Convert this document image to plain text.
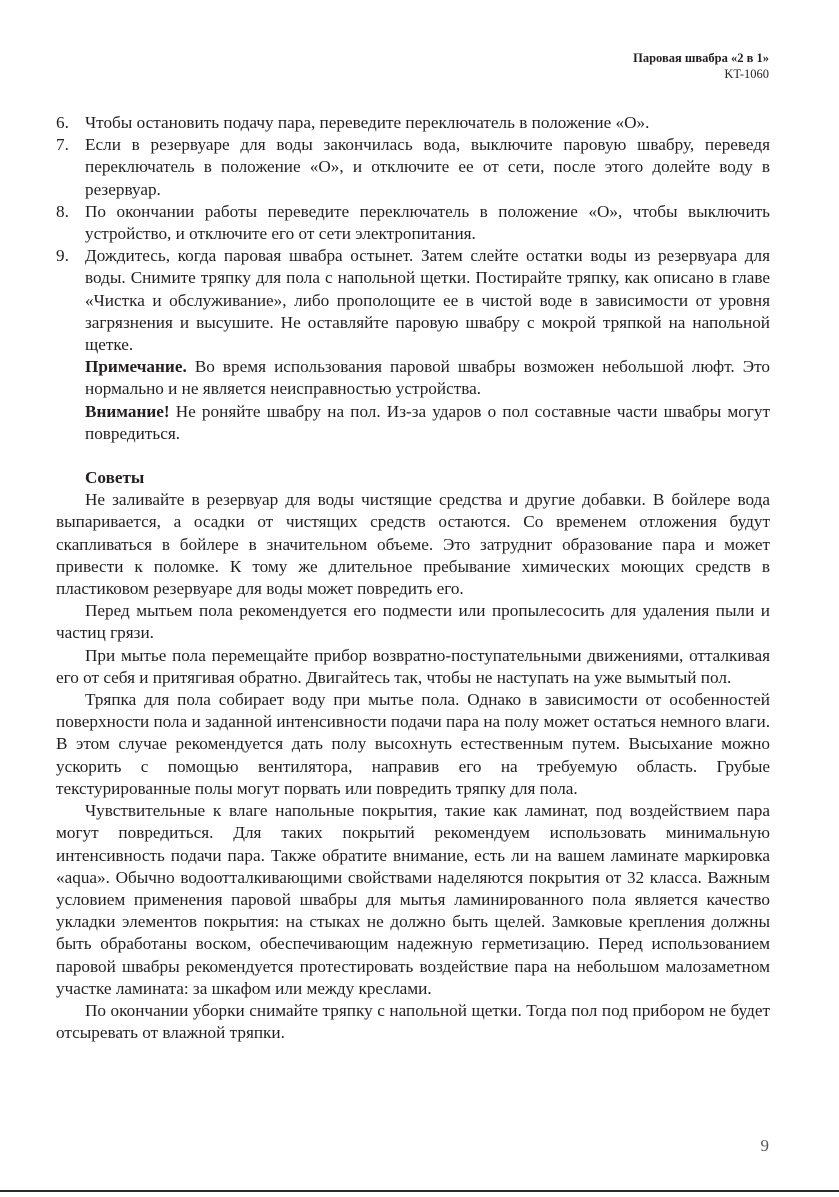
Паровая швабра «2 в 1»
KT-1060
6. Чтобы остановить подачу пара, переведите переключатель в положение «О».

7. Если в резервуаре для воды закончилась вода, выключите паровую швабру, переведя переключатель в положение «О», и отключите ее от сети, после этого долейте воду в резервуар.

8. По окончании работы переведите переключатель в положение «О», чтобы выключить устройство, и отключите его от сети электропитания.

9. Дождитесь, когда паровая швабра остынет. Затем слейте остатки воды из резервуара для воды. Снимите тряпку для пола с напольной щетки. Постирайте тряпку, как описано в главе «Чистка и обслуживание», либо прополощите ее в чистой воде в зависимости от уровня загрязнения и высушите. Не оставляйте паровую швабру с мокрой тряпкой на напольной щетке.

Примечание. Во время использования паровой швабры возможен небольшой люфт. Это нормально и не является неисправностью устройства.

Внимание! Не роняйте швабру на пол. Из-за ударов о пол составные части швабры могут повредиться.

Советы

Не заливайте в резервуар для воды чистящие средства и другие добавки. В бойлере вода выпаривается, а осадки от чистящих средств остаются. Со временем отложения будут скапливаться в бойлере в значительном объеме. Это затруднит образование пара и может привести к поломке. К тому же длительное пребывание химических моющих средств в пластиковом резервуаре для воды может повредить его.

Перед мытьем пола рекомендуется его подмести или пропылесосить для удаления пыли и частиц грязи.

При мытье пола перемещайте прибор возвратно-поступательными движениями, отталкивая его от себя и притягивая обратно. Двигайтесь так, чтобы не наступать на уже вымытый пол.

Тряпка для пола собирает воду при мытье пола. Однако в зависимости от особенностей поверхности пола и заданной интенсивности подачи пара на полу может остаться немного влаги. В этом случае рекомендуется дать полу высохнуть естественным путем. Высыхание можно ускорить с помощью вентилятора, направив его на требуемую область. Грубые текстурированные полы могут порвать или повредить тряпку для пола.

Чувствительные к влаге напольные покрытия, такие как ламинат, под воздействием пара могут повредиться. Для таких покрытий рекомендуем использовать минимальную интенсивность подачи пара. Также обратите внимание, есть ли на вашем ламинате маркировка «aqua». Обычно водоотталкивающими свойствами наделяются покрытия от 32 класса. Важным условием применения паровой швабры для мытья ламинированного пола является качество укладки элементов покрытия: на стыках не должно быть щелей. Замковые крепления должны быть обработаны воском, обеспечивающим надежную герметизацию. Перед использованием паровой швабры рекомендуется протестировать воздействие пара на небольшом малозаметном участке ламината: за шкафом или между креслами.

По окончании уборки снимайте тряпку с напольной щетки. Тогда пол под прибором не будет отсыревать от влажной тряпки.

9
